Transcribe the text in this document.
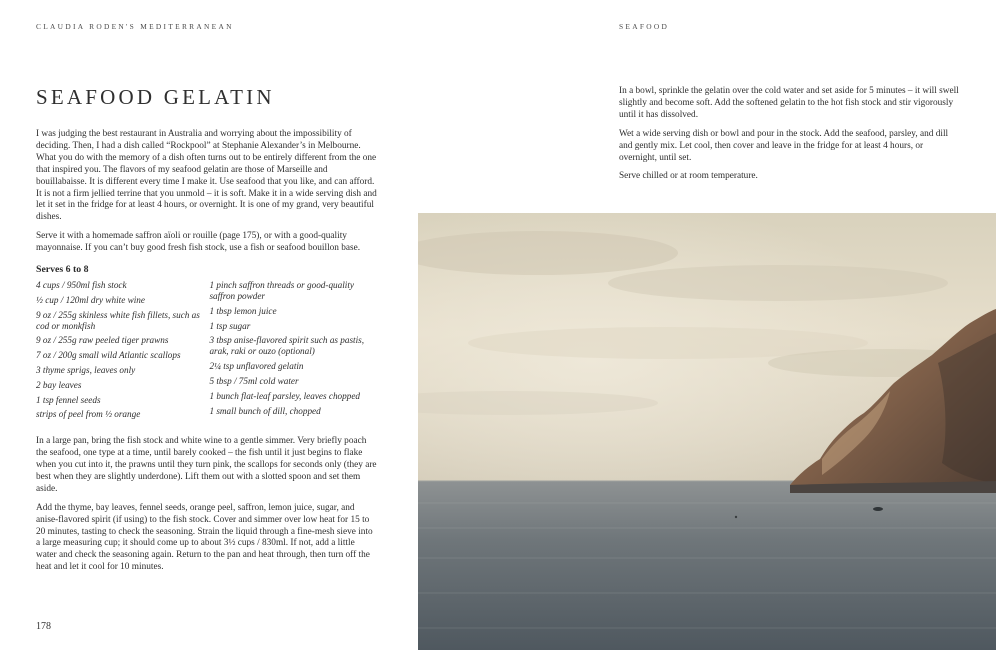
CLAUDIA RODEN'S MEDITERRANEAN	SEAFOOD
SEAFOOD GELATIN

I was judging the best restaurant in Australia and worrying about the impossibility of deciding. Then, I had a dish called “Rockpool” at Stephanie Alexander’s in Melbourne. What you do with the memory of a dish often turns out to be entirely different from the one that inspired you. The flavors of my seafood gelatin are those of Marseille and bouillabaisse. It is different every time I make it. Use seafood that you like, and can afford. It is not a firm jellied terrine that you unmold – it is soft. Make it in a wide serving dish and let it set in the fridge for at least 4 hours, or overnight. It is one of my grand, very beautiful dishes.

Serve it with a homemade saffron aïoli or rouille (page 175), or with a good-quality mayonnaise. If you can’t buy good fresh fish stock, use a fish or seafood bouillon base.

Serves 6 to 8
4 cups / 950ml fish stock
½ cup / 120ml dry white wine
9 oz / 255g skinless white fish fillets, such as cod or monkfish
9 oz / 255g raw peeled tiger prawns
7 oz / 200g small wild Atlantic scallops
3 thyme sprigs, leaves only
2 bay leaves
1 tsp fennel seeds
strips of peel from ½ orange
1 pinch saffron threads or good-quality saffron powder
1 tbsp lemon juice
1 tsp sugar
3 tbsp anise-flavored spirit such as pastis, arak, raki or ouzo (optional)
2¼ tsp unflavored gelatin
5 tbsp / 75ml cold water
1 bunch flat-leaf parsley, leaves chopped
1 small bunch of dill, chopped

In a large pan, bring the fish stock and white wine to a gentle simmer. Very briefly poach the seafood, one type at a time, until barely cooked – the fish until it just begins to flake when you cut into it, the prawns until they turn pink, the scallops for seconds only (they are best when they are slightly underdone). Lift them out with a slotted spoon and set them aside.

Add the thyme, bay leaves, fennel seeds, orange peel, saffron, lemon juice, sugar, and anise-flavored spirit (if using) to the fish stock. Cover and simmer over low heat for 15 to 20 minutes, tasting to check the seasoning. Strain the liquid through a fine-mesh sieve into a large measuring cup; it should come up to about 3½ cups / 830ml. If not, add a little water and check the seasoning again. Return to the pan and heat through, then turn off the heat and let it cool for 10 minutes.

178

In a bowl, sprinkle the gelatin over the cold water and set aside for 5 minutes – it will swell slightly and become soft. Add the softened gelatin to the hot fish stock and stir vigorously until it has dissolved.

Wet a wide serving dish or bowl and pour in the stock. Add the seafood, parsley, and dill and gently mix. Let cool, then cover and leave in the fridge for at least 4 hours, or overnight, until set.

Serve chilled or at room temperature.
